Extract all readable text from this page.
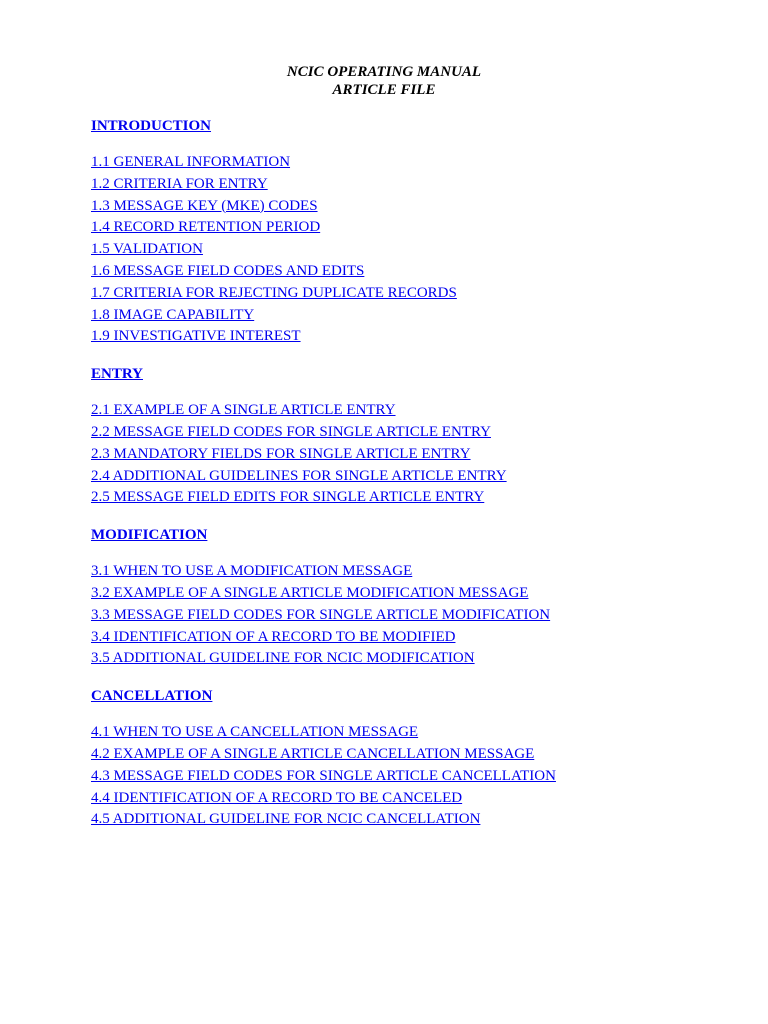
NCIC OPERATING MANUAL
ARTICLE FILE
INTRODUCTION
1.1 GENERAL INFORMATION
1.2 CRITERIA FOR ENTRY
1.3 MESSAGE KEY (MKE) CODES
1.4 RECORD RETENTION PERIOD
1.5 VALIDATION
1.6 MESSAGE FIELD CODES AND EDITS
1.7 CRITERIA FOR REJECTING DUPLICATE RECORDS
1.8 IMAGE CAPABILITY
1.9 INVESTIGATIVE INTEREST
ENTRY
2.1 EXAMPLE OF A SINGLE ARTICLE ENTRY
2.2 MESSAGE FIELD CODES FOR SINGLE ARTICLE ENTRY
2.3 MANDATORY FIELDS FOR SINGLE ARTICLE ENTRY
2.4 ADDITIONAL GUIDELINES FOR SINGLE ARTICLE ENTRY
2.5 MESSAGE FIELD EDITS FOR SINGLE ARTICLE ENTRY
MODIFICATION
3.1 WHEN TO USE A MODIFICATION MESSAGE
3.2 EXAMPLE OF A SINGLE ARTICLE MODIFICATION MESSAGE
3.3 MESSAGE FIELD CODES FOR SINGLE ARTICLE MODIFICATION
3.4 IDENTIFICATION OF A RECORD TO BE MODIFIED
3.5 ADDITIONAL GUIDELINE FOR NCIC MODIFICATION
CANCELLATION
4.1 WHEN TO USE A CANCELLATION MESSAGE
4.2 EXAMPLE OF A SINGLE ARTICLE CANCELLATION MESSAGE
4.3 MESSAGE FIELD CODES FOR SINGLE ARTICLE CANCELLATION
4.4 IDENTIFICATION OF A RECORD TO BE CANCELED
4.5 ADDITIONAL GUIDELINE FOR NCIC CANCELLATION
